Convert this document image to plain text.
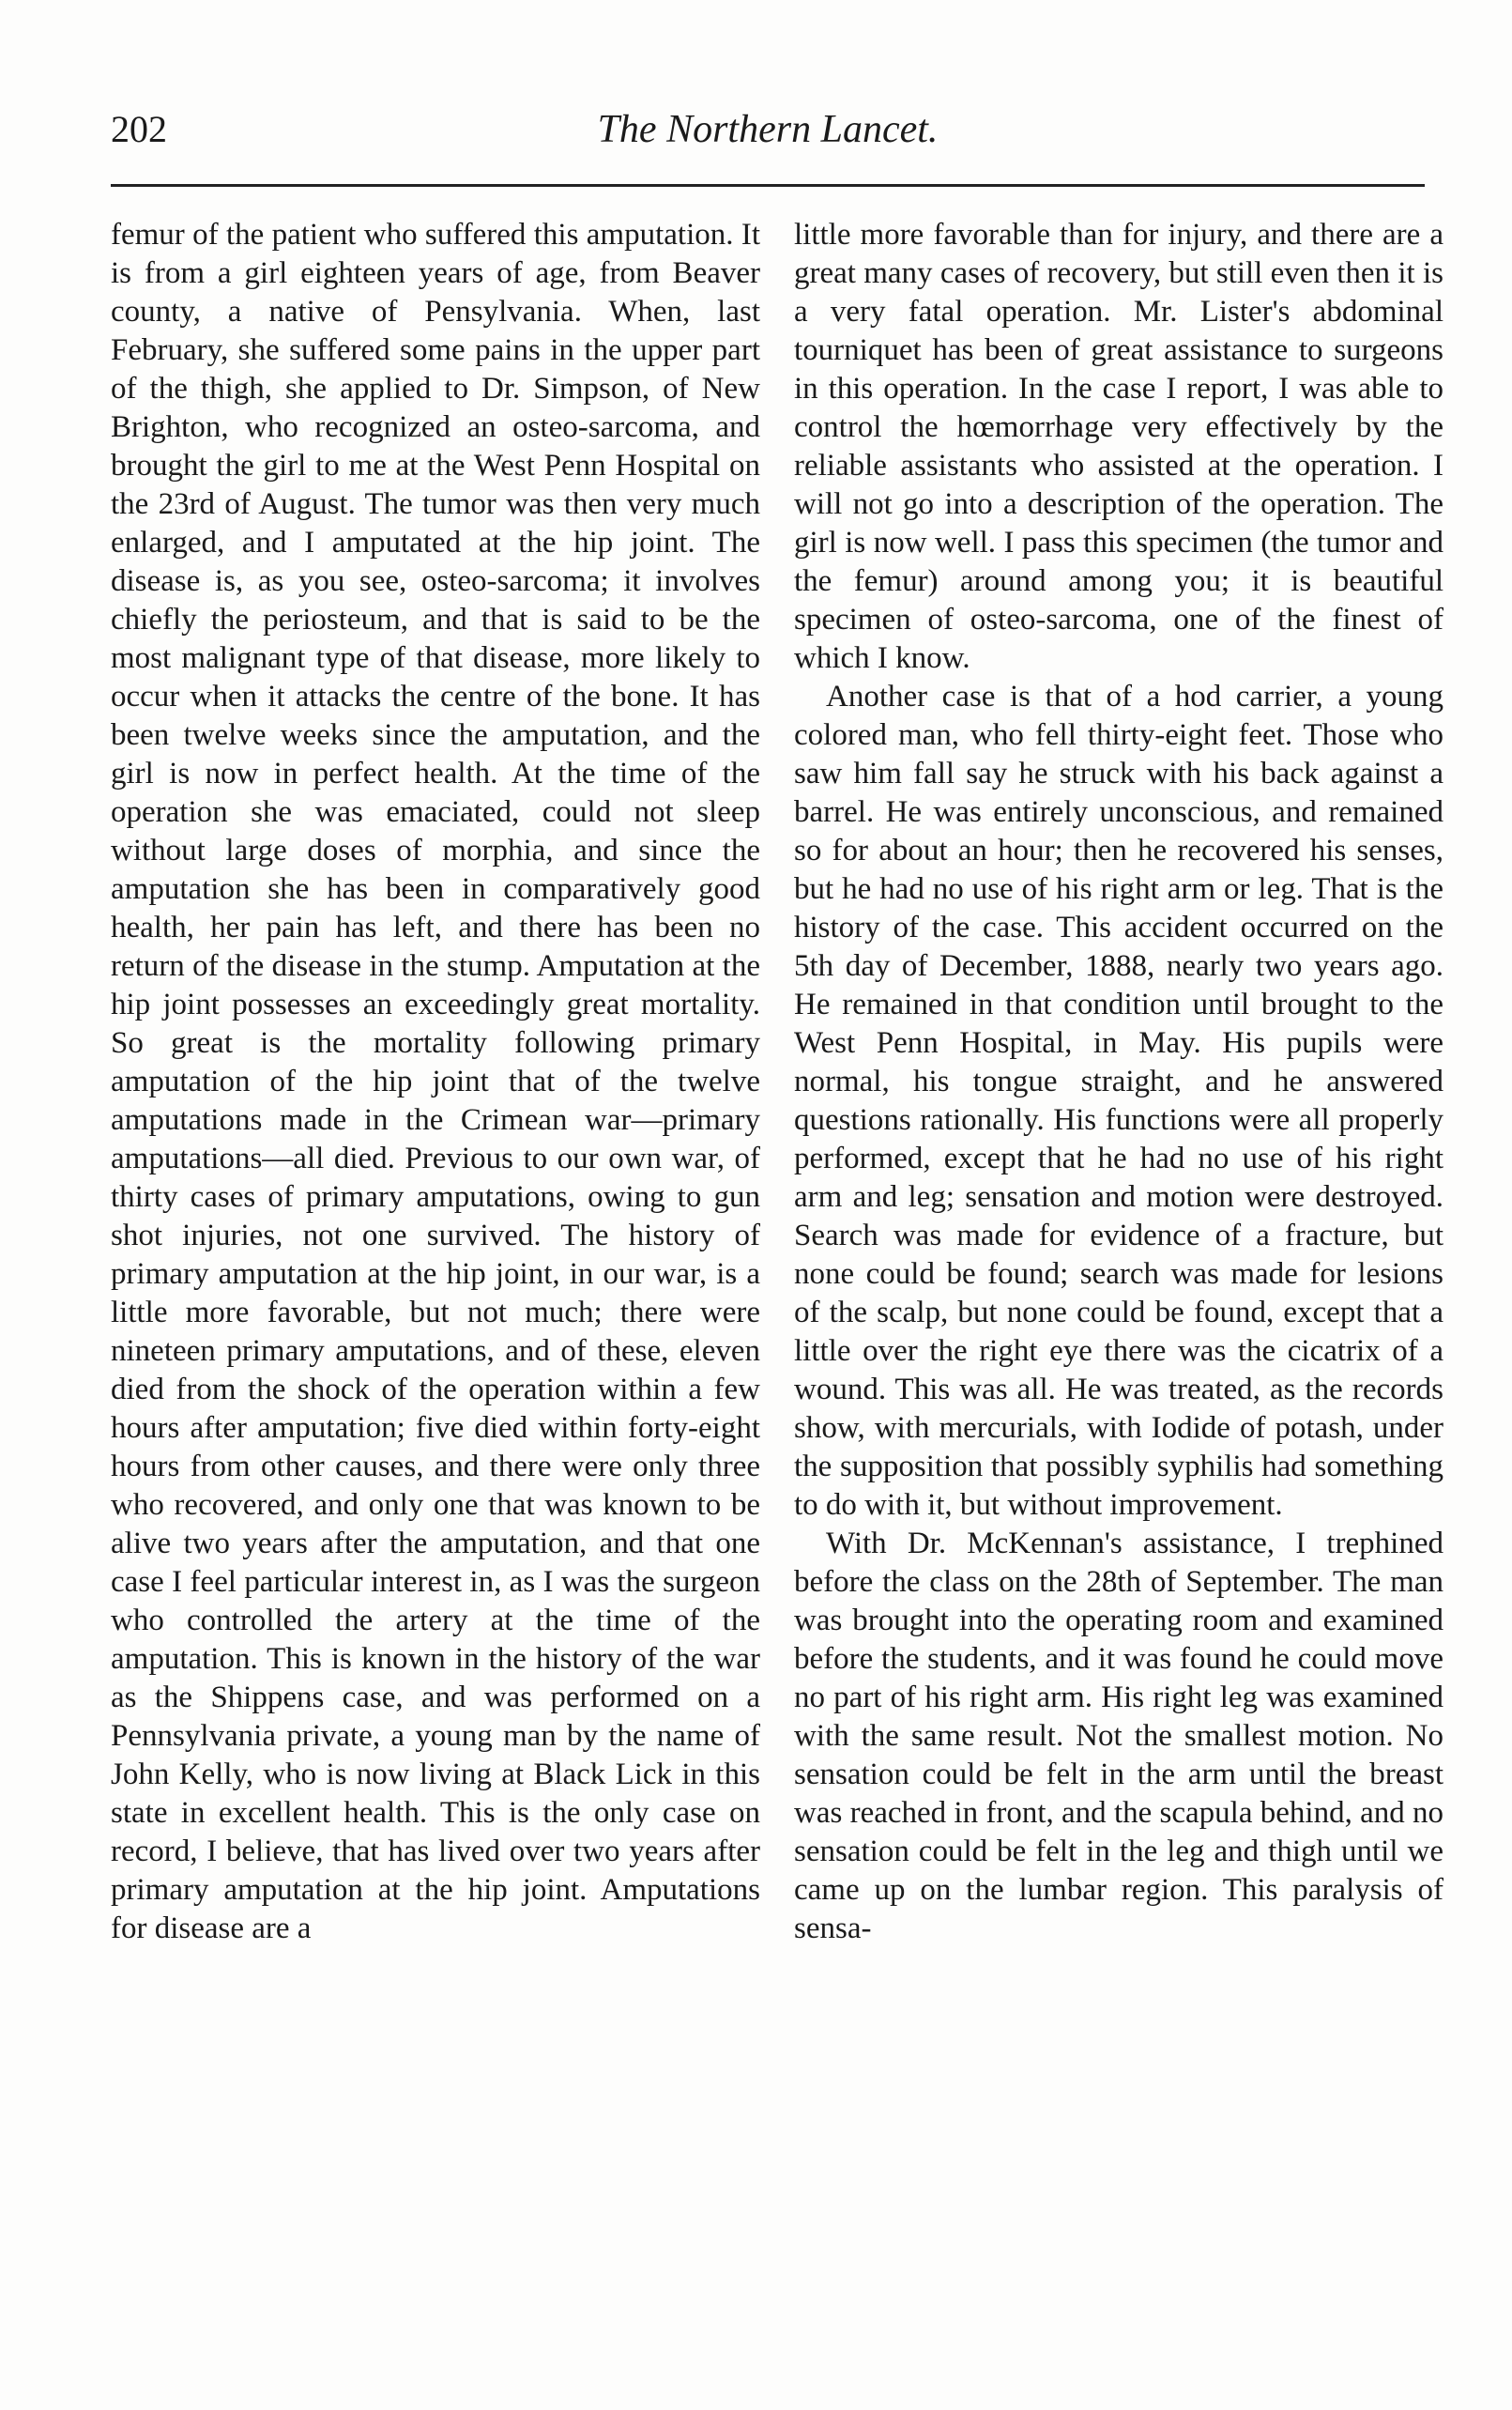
The Northern Lancet.
202

femur of the patient who suffered this amputation. It is from a girl eighteen years of age, from Beaver county, a native of Pensylvania. When, last February, she suffered some pains in the upper part of the thigh, she applied to Dr. Simpson, of New Brighton, who recognized an osteo-sarcoma, and brought the girl to me at the West Penn Hospital on the 23rd of August. The tumor was then very much enlarged, and I amputated at the hip joint. The disease is, as you see, osteo-sarcoma; it involves chiefly the periosteum, and that is said to be the most malignant type of that disease, more likely to occur when it attacks the centre of the bone. It has been twelve weeks since the amputation, and the girl is now in perfect health. At the time of the operation she was emaciated, could not sleep without large doses of morphia, and since the amputation she has been in comparatively good health, her pain has left, and there has been no return of the disease in the stump. Amputation at the hip joint possesses an exceedingly great mortality. So great is the mortality following primary amputation of the hip joint that of the twelve amputations made in the Crimean war—primary amputations—all died. Previous to our own war, of thirty cases of primary amputations, owing to gun shot injuries, not one survived. The history of primary amputation at the hip joint, in our war, is a little more favorable, but not much; there were nineteen primary amputations, and of these, eleven died from the shock of the operation within a few hours after amputation; five died within forty-eight hours from other causes, and there were only three who recovered, and only one that was known to be alive two years after the amputation, and that one case I feel particular interest in, as I was the surgeon who controlled the artery at the time of the amputation. This is known in the history of the war as the Shippens case, and was performed on a Pennsylvania private, a young man by the name of John Kelly, who is now living at Black Lick in this state in excellent health. This is the only case on record, I believe, that has lived over two years after primary amputation at the hip joint. Amputations for disease are a

little more favorable than for injury, and there are a great many cases of recovery, but still even then it is a very fatal operation. Mr. Lister's abdominal tourniquet has been of great assistance to surgeons in this operation. In the case I report, I was able to control the hœmorrhage very effectively by the reliable assistants who assisted at the operation. I will not go into a description of the operation. The girl is now well. I pass this specimen (the tumor and the femur) around among you; it is beautiful specimen of osteo-sarcoma, one of the finest of which I know.

Another case is that of a hod carrier, a young colored man, who fell thirty-eight feet. Those who saw him fall say he struck with his back against a barrel. He was entirely unconscious, and remained so for about an hour; then he recovered his senses, but he had no use of his right arm or leg. That is the history of the case. This accident occurred on the 5th day of December, 1888, nearly two years ago. He remained in that condition until brought to the West Penn Hospital, in May. His pupils were normal, his tongue straight, and he answered questions rationally. His functions were all properly performed, except that he had no use of his right arm and leg; sensation and motion were destroyed. Search was made for evidence of a fracture, but none could be found; search was made for lesions of the scalp, but none could be found, except that a little over the right eye there was the cicatrix of a wound. This was all. He was treated, as the records show, with mercurials, with Iodide of potash, under the supposition that possibly syphilis had something to do with it, but without improvement.

With Dr. McKennan's assistance, I trephined before the class on the 28th of September. The man was brought into the operating room and examined before the students, and it was found he could move no part of his right arm. His right leg was examined with the same result. Not the smallest motion. No sensation could be felt in the arm until the breast was reached in front, and the scapula behind, and no sensation could be felt in the leg and thigh until we came up on the lumbar region. This paralysis of sensa-
